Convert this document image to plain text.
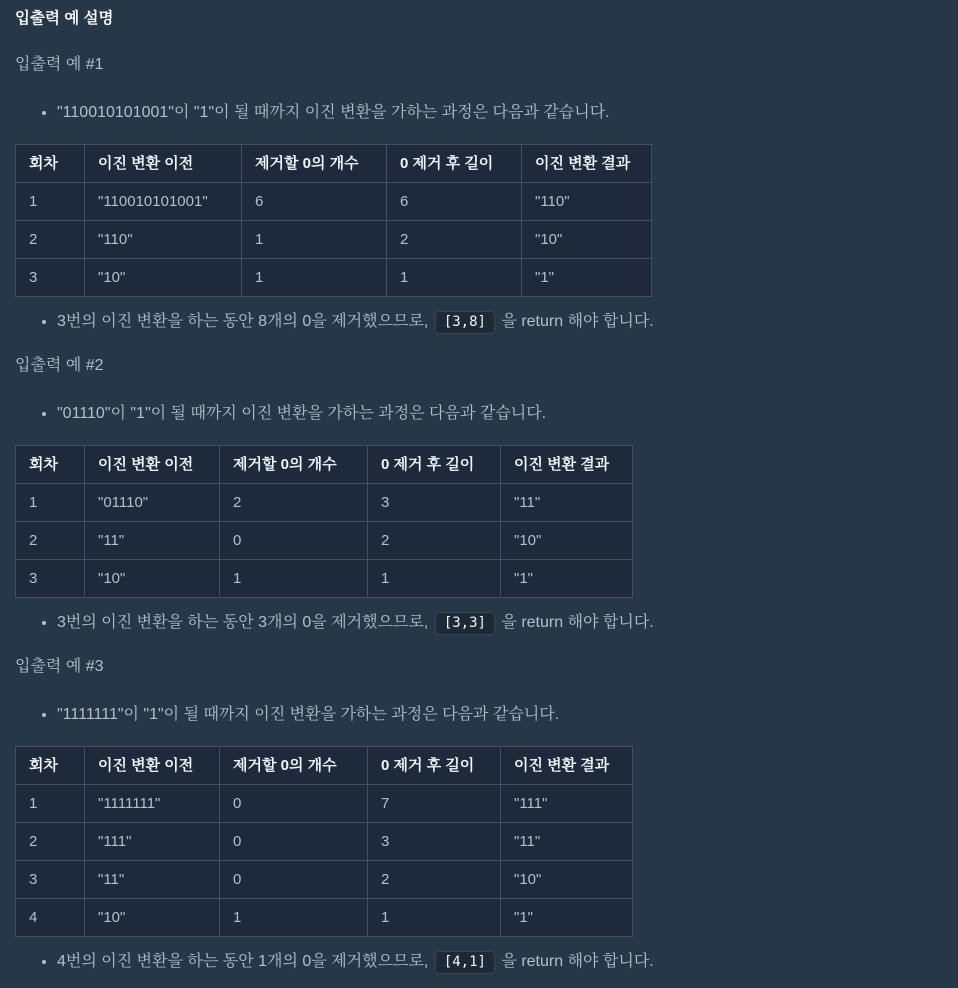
입출력 예 설명

입출력 예 #1

• "110010101001"이 "1"이 될 때까지 이진 변환을 가하는 과정은 다음과 같습니다.
회차	이진 변환 이전	제거할 0의 개수	0 제거 후 길이	이진 변환 결과
1	"110010101001"	6	6	"110"
2	"110"	1	2	"10"
3	"10"	1	1	"1"
• 3번의 이진 변환을 하는 동안 8개의 0을 제거했으므로, [3,8] 을 return 해야 합니다.

입출력 예 #2

• "01110"이 "1"이 될 때까지 이진 변환을 가하는 과정은 다음과 같습니다.
회차	이진 변환 이전	제거할 0의 개수	0 제거 후 길이	이진 변환 결과
1	"01110"	2	3	"11"
2	"11"	0	2	"10"
3	"10"	1	1	"1"
• 3번의 이진 변환을 하는 동안 3개의 0을 제거했으므로, [3,3] 을 return 해야 합니다.

입출력 예 #3

• "1111111"이 "1"이 될 때까지 이진 변환을 가하는 과정은 다음과 같습니다.
회차	이진 변환 이전	제거할 0의 개수	0 제거 후 길이	이진 변환 결과
1	"1111111"	0	7	"111"
2	"111"	0	3	"11"
3	"11"	0	2	"10"
4	"10"	1	1	"1"
• 4번의 이진 변환을 하는 동안 1개의 0을 제거했으므로, [4,1] 을 return 해야 합니다.
